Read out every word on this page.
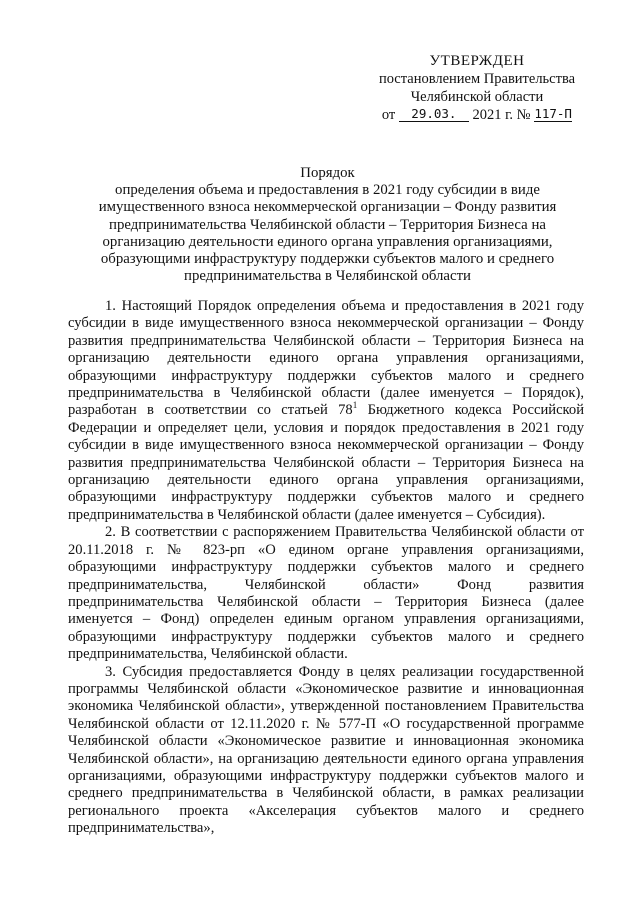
УТВЕРЖДЕН
постановлением Правительства
Челябинской области
от 29.03. 2021 г. № 117-П
Порядок
определения объема и предоставления в 2021 году субсидии в виде имущественного взноса некоммерческой организации – Фонду развития предпринимательства Челябинской области – Территория Бизнеса на организацию деятельности единого органа управления организациями, образующими инфраструктуру поддержки субъектов малого и среднего предпринимательства в Челябинской области

1. Настоящий Порядок определения объема и предоставления в 2021 году субсидии в виде имущественного взноса некоммерческой организации – Фонду развития предпринимательства Челябинской области – Территория Бизнеса на организацию деятельности единого органа управления организациями, образующими инфраструктуру поддержки субъектов малого и среднего предпринимательства в Челябинской области (далее именуется – Порядок), разработан в соответствии со статьей $78^1$ Бюджетного кодекса Российской Федерации и определяет цели, условия и порядок предоставления в 2021 году субсидии в виде имущественного взноса некоммерческой организации – Фонду развития предпринимательства Челябинской области – Территория Бизнеса на организацию деятельности единого органа управления организациями, образующими инфраструктуру поддержки субъектов малого и среднего предпринимательства в Челябинской области (далее именуется – Субсидия).

2. В соответствии с распоряжением Правительства Челябинской области от 20.11.2018 г. № 823-рп «О едином органе управления организациями, образующими инфраструктуру поддержки субъектов малого и среднего предпринимательства, Челябинской области» Фонд развития предпринимательства Челябинской области – Территория Бизнеса (далее именуется – Фонд) определен единым органом управления организациями, образующими инфраструктуру поддержки субъектов малого и среднего предпринимательства, Челябинской области.

3. Субсидия предоставляется Фонду в целях реализации государственной программы Челябинской области «Экономическое развитие и инновационная экономика Челябинской области», утвержденной постановлением Правительства Челябинской области от 12.11.2020 г. № 577-П «О государственной программе Челябинской области «Экономическое развитие и инновационная экономика Челябинской области», на организацию деятельности единого органа управления организациями, образующими инфраструктуру поддержки субъектов малого и среднего предпринимательства в Челябинской области, в рамках реализации регионального проекта «Акселерация субъектов малого и среднего предпринимательства»,
